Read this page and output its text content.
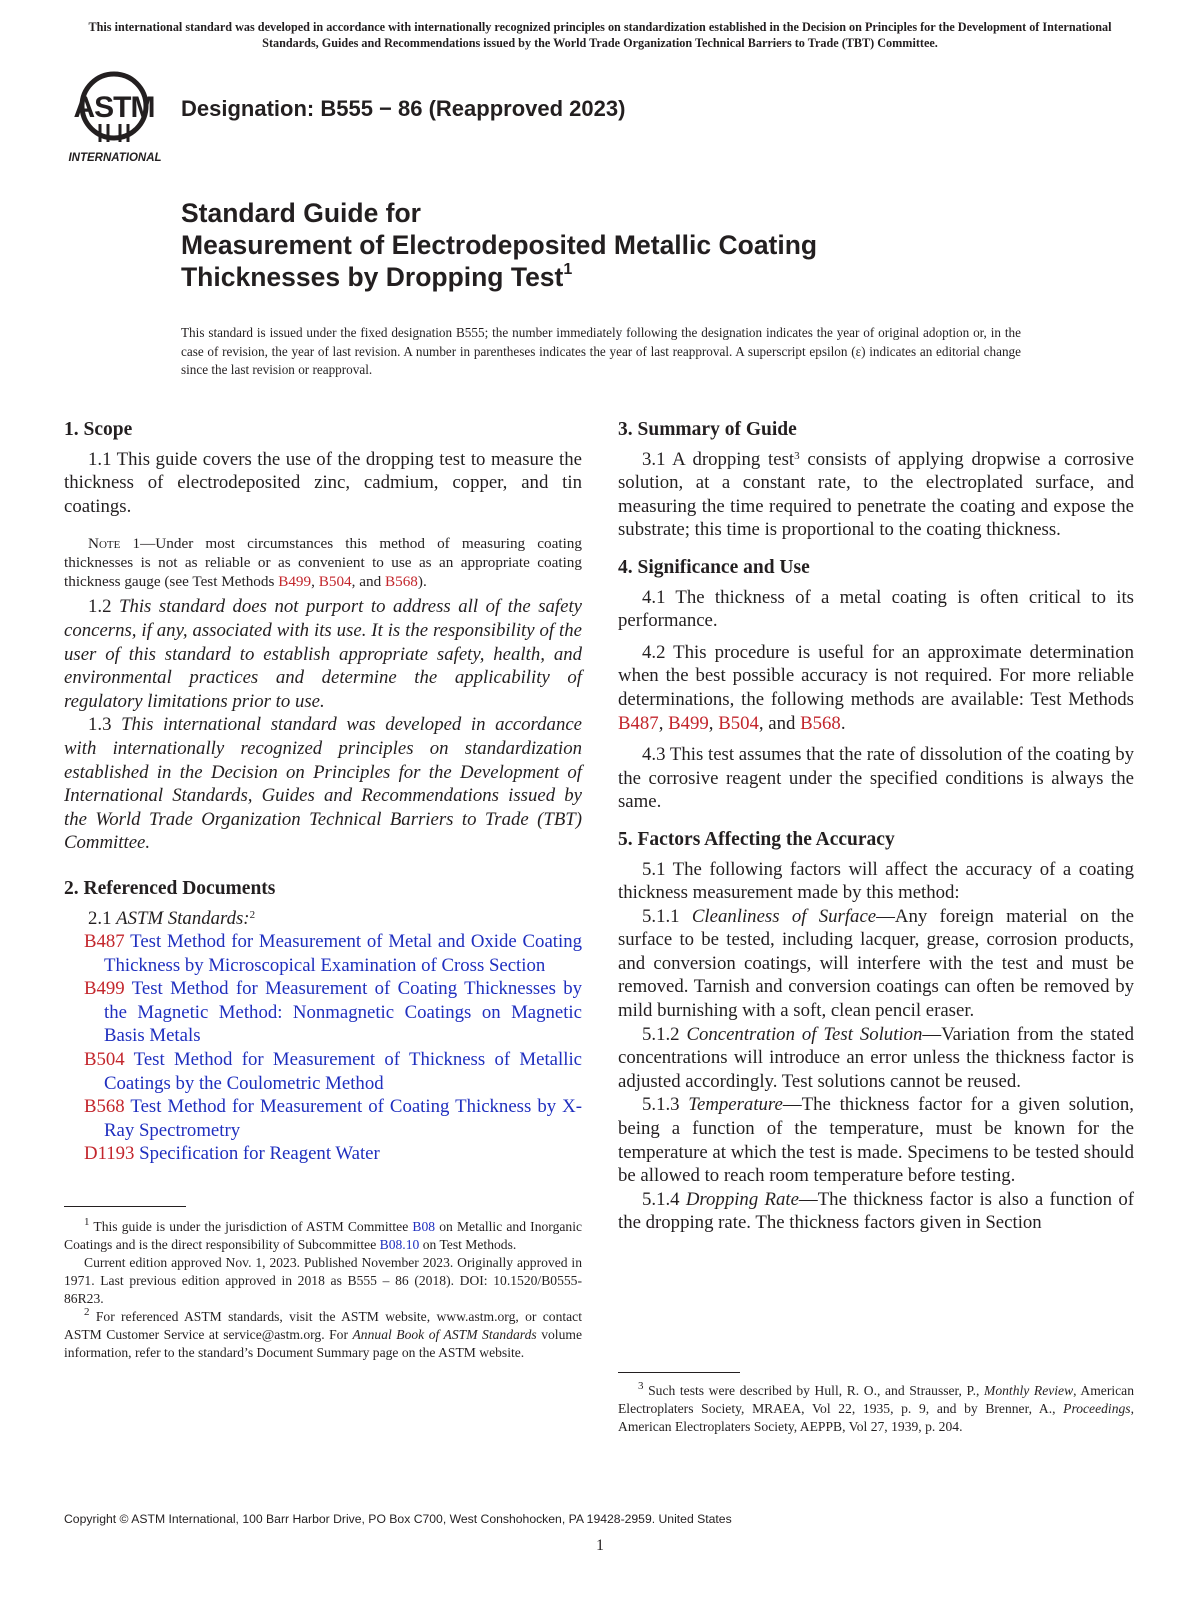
This international standard was developed in accordance with internationally recognized principles on standardization established in the Decision on Principles for the Development of International Standards, Guides and Recommendations issued by the World Trade Organization Technical Barriers to Trade (TBT) Committee.
ASTM
INTERNATIONAL
Designation: B555 − 86 (Reapproved 2023)
Standard Guide for
Measurement of Electrodeposited Metallic Coating
Thicknesses by Dropping Test$^1$
This standard is issued under the fixed designation B555; the number immediately following the designation indicates the year of original adoption or, in the case of revision, the year of last revision. A number in parentheses indicates the year of last reapproval. A superscript epsilon (ε) indicates an editorial change since the last revision or reapproval.
1. Scope

1.1 This guide covers the use of the dropping test to measure the thickness of electrodeposited zinc, cadmium, copper, and tin coatings.

Note 1—Under most circumstances this method of measuring coating thicknesses is not as reliable or as convenient to use as an appropriate coating thickness gauge (see Test Methods B499, B504, and B568).

1.2 This standard does not purport to address all of the safety concerns, if any, associated with its use. It is the responsibility of the user of this standard to establish appropriate safety, health, and environmental practices and determine the applicability of regulatory limitations prior to use.

1.3 This international standard was developed in accordance with internationally recognized principles on standardization established in the Decision on Principles for the Development of International Standards, Guides and Recommendations issued by the World Trade Organization Technical Barriers to Trade (TBT) Committee.

2. Referenced Documents

2.1 ASTM Standards:$^2$

B487 Test Method for Measurement of Metal and Oxide Coating Thickness by Microscopical Examination of Cross Section

B499 Test Method for Measurement of Coating Thicknesses by the Magnetic Method: Nonmagnetic Coatings on Magnetic Basis Metals

B504 Test Method for Measurement of Thickness of Metallic Coatings by the Coulometric Method

B568 Test Method for Measurement of Coating Thickness by X-Ray Spectrometry

D1193 Specification for Reagent Water

$^1$ This guide is under the jurisdiction of ASTM Committee B08 on Metallic and Inorganic Coatings and is the direct responsibility of Subcommittee B08.10 on Test Methods.

Current edition approved Nov. 1, 2023. Published November 2023. Originally approved in 1971. Last previous edition approved in 2018 as B555 – 86 (2018). DOI: 10.1520/B0555-86R23.

$^2$ For referenced ASTM standards, visit the ASTM website, www.astm.org, or contact ASTM Customer Service at service@astm.org. For Annual Book of ASTM Standards volume information, refer to the standard’s Document Summary page on the ASTM website.

3. Summary of Guide

3.1 A dropping test$^3$ consists of applying dropwise a corrosive solution, at a constant rate, to the electroplated surface, and measuring the time required to penetrate the coating and expose the substrate; this time is proportional to the coating thickness.

4. Significance and Use

4.1 The thickness of a metal coating is often critical to its performance.

4.2 This procedure is useful for an approximate determination when the best possible accuracy is not required. For more reliable determinations, the following methods are available: Test Methods B487, B499, B504, and B568.

4.3 This test assumes that the rate of dissolution of the coating by the corrosive reagent under the specified conditions is always the same.

5. Factors Affecting the Accuracy

5.1 The following factors will affect the accuracy of a coating thickness measurement made by this method:

5.1.1 Cleanliness of Surface—Any foreign material on the surface to be tested, including lacquer, grease, corrosion products, and conversion coatings, will interfere with the test and must be removed. Tarnish and conversion coatings can often be removed by mild burnishing with a soft, clean pencil eraser.

5.1.2 Concentration of Test Solution—Variation from the stated concentrations will introduce an error unless the thickness factor is adjusted accordingly. Test solutions cannot be reused.

5.1.3 Temperature—The thickness factor for a given solution, being a function of the temperature, must be known for the temperature at which the test is made. Specimens to be tested should be allowed to reach room temperature before testing.

5.1.4 Dropping Rate—The thickness factor is also a function of the dropping rate. The thickness factors given in Section

$^3$ Such tests were described by Hull, R. O., and Strausser, P., Monthly Review, American Electroplaters Society, MRAEA, Vol 22, 1935, p. 9, and by Brenner, A., Proceedings, American Electroplaters Society, AEPPB, Vol 27, 1939, p. 204.

Copyright © ASTM International, 100 Barr Harbor Drive, PO Box C700, West Conshohocken, PA 19428-2959. United States
1
